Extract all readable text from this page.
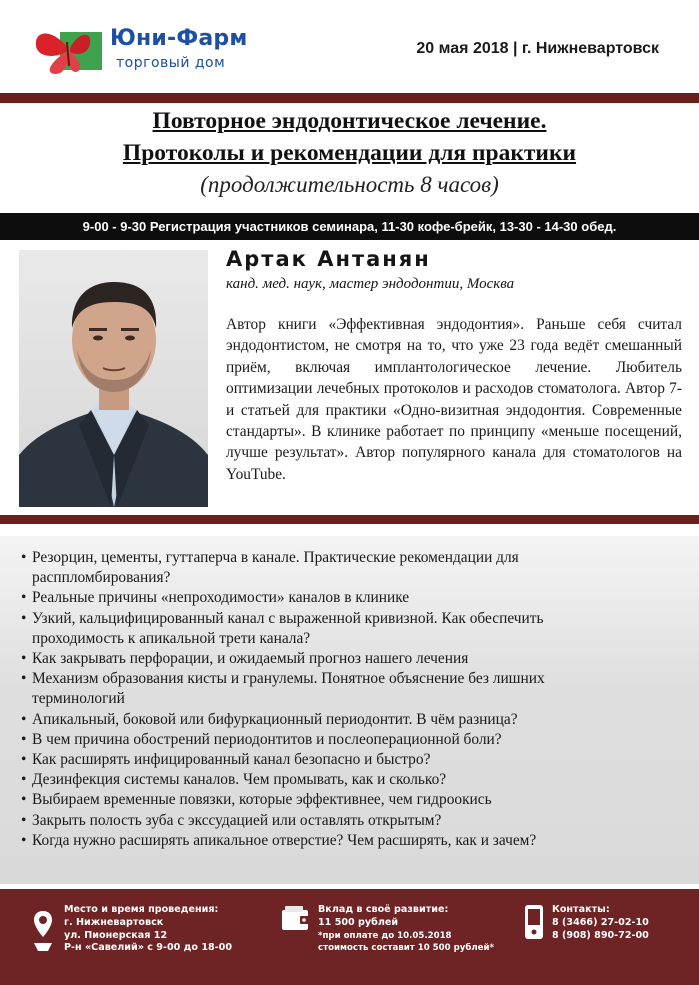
Юни-Фарм
торговый дом
20 мая 2018 | г. Нижневартовск
Повторное эндодонтическое лечение.
Протоколы и рекомендации для практики
(продолжительность 8 часов)
9-00 - 9-30 Регистрация участников семинара, 11-30 кофе-брейк, 13-30 - 14-30 обед.
Артак Антанян
канд. мед. наук, мастер эндодонтии, Москва
Автор книги «Эффективная эндодонтия». Раньше себя считал эндодонтистом, не смотря на то, что уже 23 года ведёт смешанный приём, включая имплантологическое лечение. Любитель оптимизации лечебных протоколов и расходов стоматолога. Автор 7-и статьей для практики «Одно-визитная эндодонтия. Современные стандарты». В клинике работает по принципу «меньше посещений, лучше результат». Автор популярного канала для стоматологов на YouTube.
• Резорцин, цементы, гуттаперча в канале. Практические рекомендации для
расппломбирования?
• Реальные причины «непроходимости» каналов в клинике
• Узкий, кальцифицированный канал с выраженной кривизной. Как обеспечить
проходимость к апикальной трети канала?
• Как закрывать перфорации, и ожидаемый прогноз нашего лечения
• Механизм образования кисты и гранулемы. Понятное объяснение без лишних
терминологий
• Апикальный, боковой или бифуркационный периодонтит. В чём разница?
• В чем причина обострений периодонтитов и послеоперационной боли?
• Как расширять инфицированный канал безопасно и быстро?
• Дезинфекция системы каналов. Чем промывать, как и сколько?
• Выбираем временные повязки, которые эффективнее, чем гидроокись
• Закрыть полость зуба с экссудацией или оставлять открытым?
• Когда нужно расширять апикальное отверстие? Чем расширять, как и зачем?
Место и время проведения:
г. Нижневартовск
ул. Пионерская 12
Р-н «Савелий» с 9-00 до 18-00
Вклад в своё развитие:
11 500 рублей
*при оплате до 10.05.2018
стоимость составит 10 500 рублей*
Контакты:
8 (3466) 27-02-10
8 (908) 890-72-00
